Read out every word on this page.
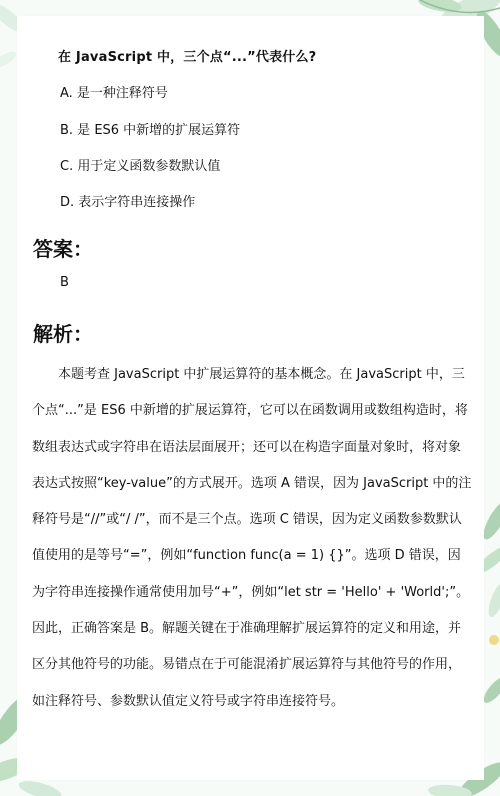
在 JavaScript 中，三个点“...”代表什么?
A. 是一种注释符号
B. 是 ES6 中新增的扩展运算符
C. 用于定义函数参数默认值
D. 表示字符串连接操作
答案：
B
解析：

本题考查 JavaScript 中扩展运算符的基本概念。在 JavaScript 中，三个点“...”是 ES6 中新增的扩展运算符，它可以在函数调用或数组构造时，将数组表达式或字符串在语法层面展开；还可以在构造字面量对象时，将对象表达式按照“key-value”的方式展开。选项 A 错误，因为 JavaScript 中的注释符号是“//”或“/ /”，而不是三个点。选项 C 错误，因为定义函数参数默认值使用的是等号“=”，例如“function func(a = 1) {}”。选项 D 错误，因为字符串连接操作通常使用加号“+”，例如“let str = 'Hello' + 'World';”。因此，正确答案是 B。解题关键在于准确理解扩展运算符的定义和用途，并区分其他符号的功能。易错点在于可能混淆扩展运算符与其他符号的作用，如注释符号、参数默认值定义符号或字符串连接符号。
